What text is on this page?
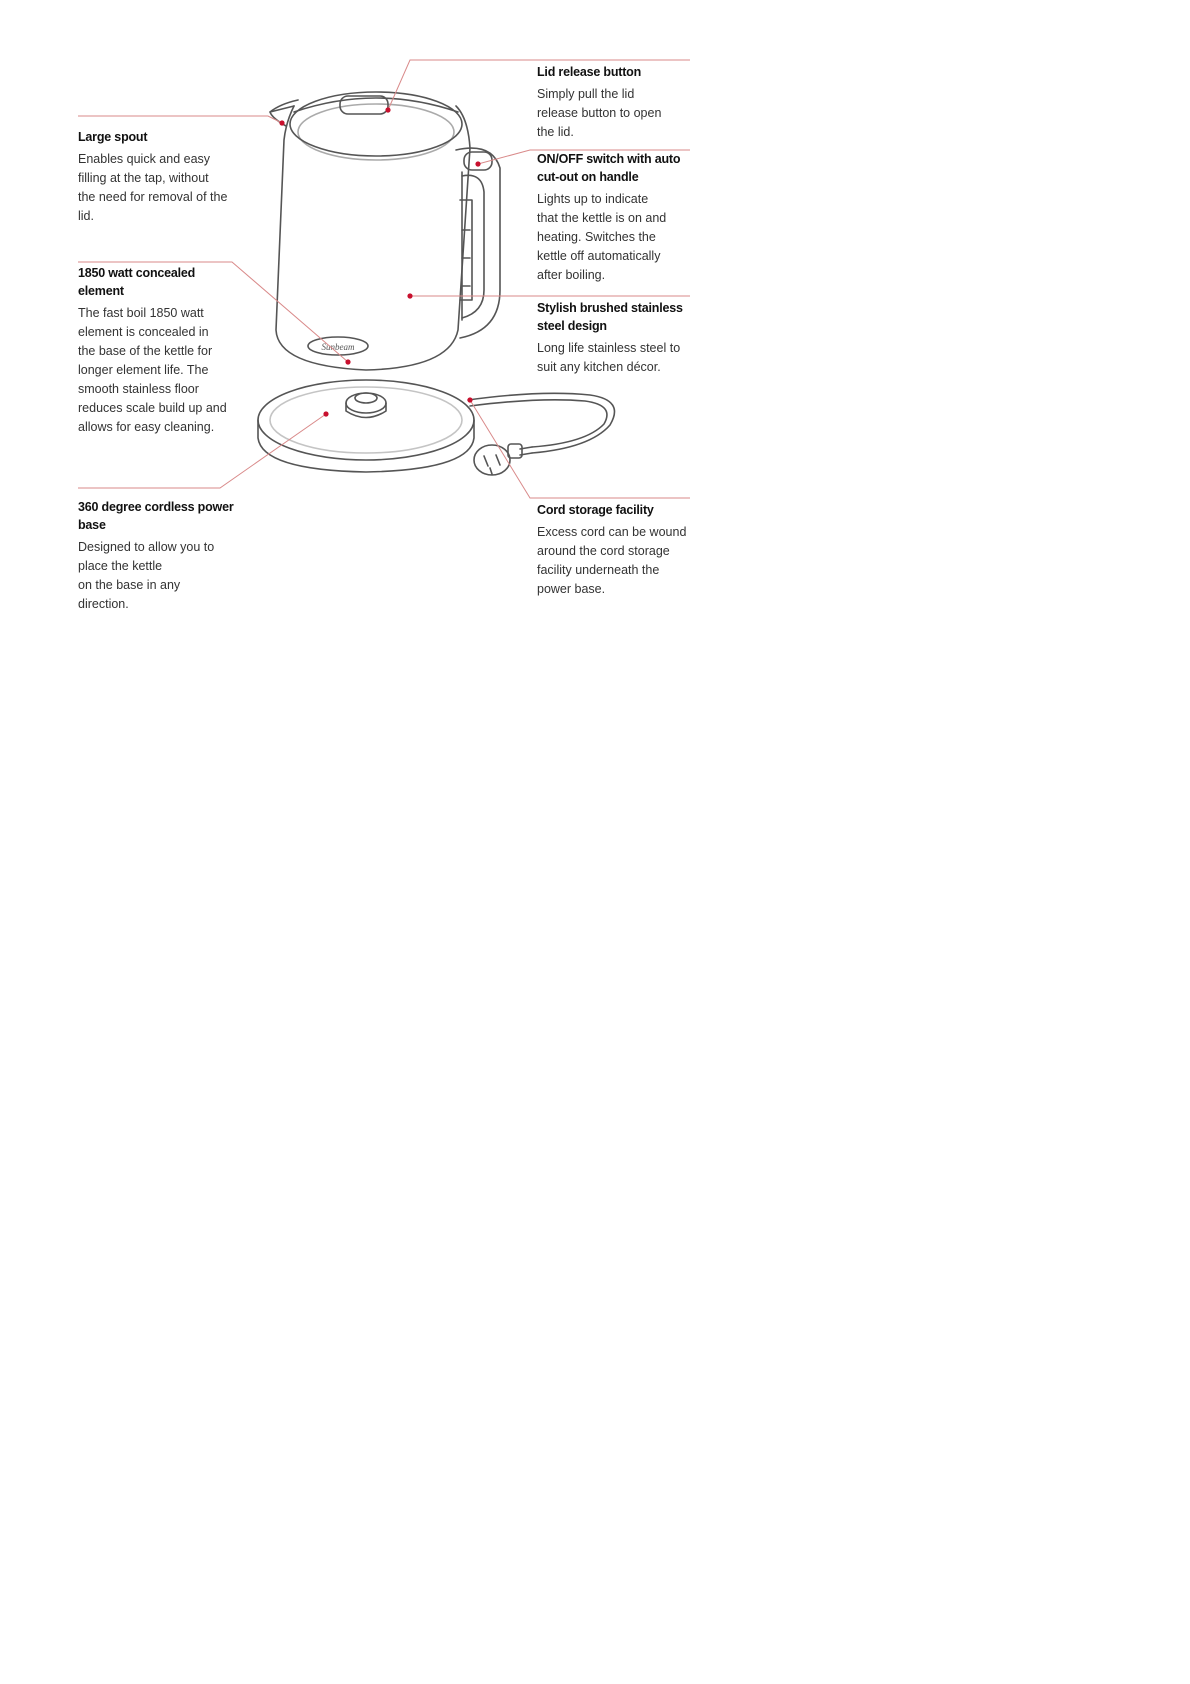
Sunbeam
Large spout

Enables quick and easy
filling at the tap, without
the need for removal of the
lid.

1850 watt concealed
element

The fast boil 1850 watt
element is concealed in
the base of the kettle for
longer element life. The
smooth stainless floor
reduces scale build up and
allows for easy cleaning.

360 degree cordless power
base

Designed to allow you to
place the kettle
on the base in any
direction.

Lid release button

Simply pull the lid
release button to open
the lid.

ON/OFF switch with auto
cut-out on handle

Lights up to indicate
that the kettle is on and
heating. Switches the
kettle off automatically
after boiling.

Stylish brushed stainless
steel design

Long life stainless steel to
suit any kitchen décor.

Cord storage facility

Excess cord can be wound
around the cord storage
facility underneath the
power base.
